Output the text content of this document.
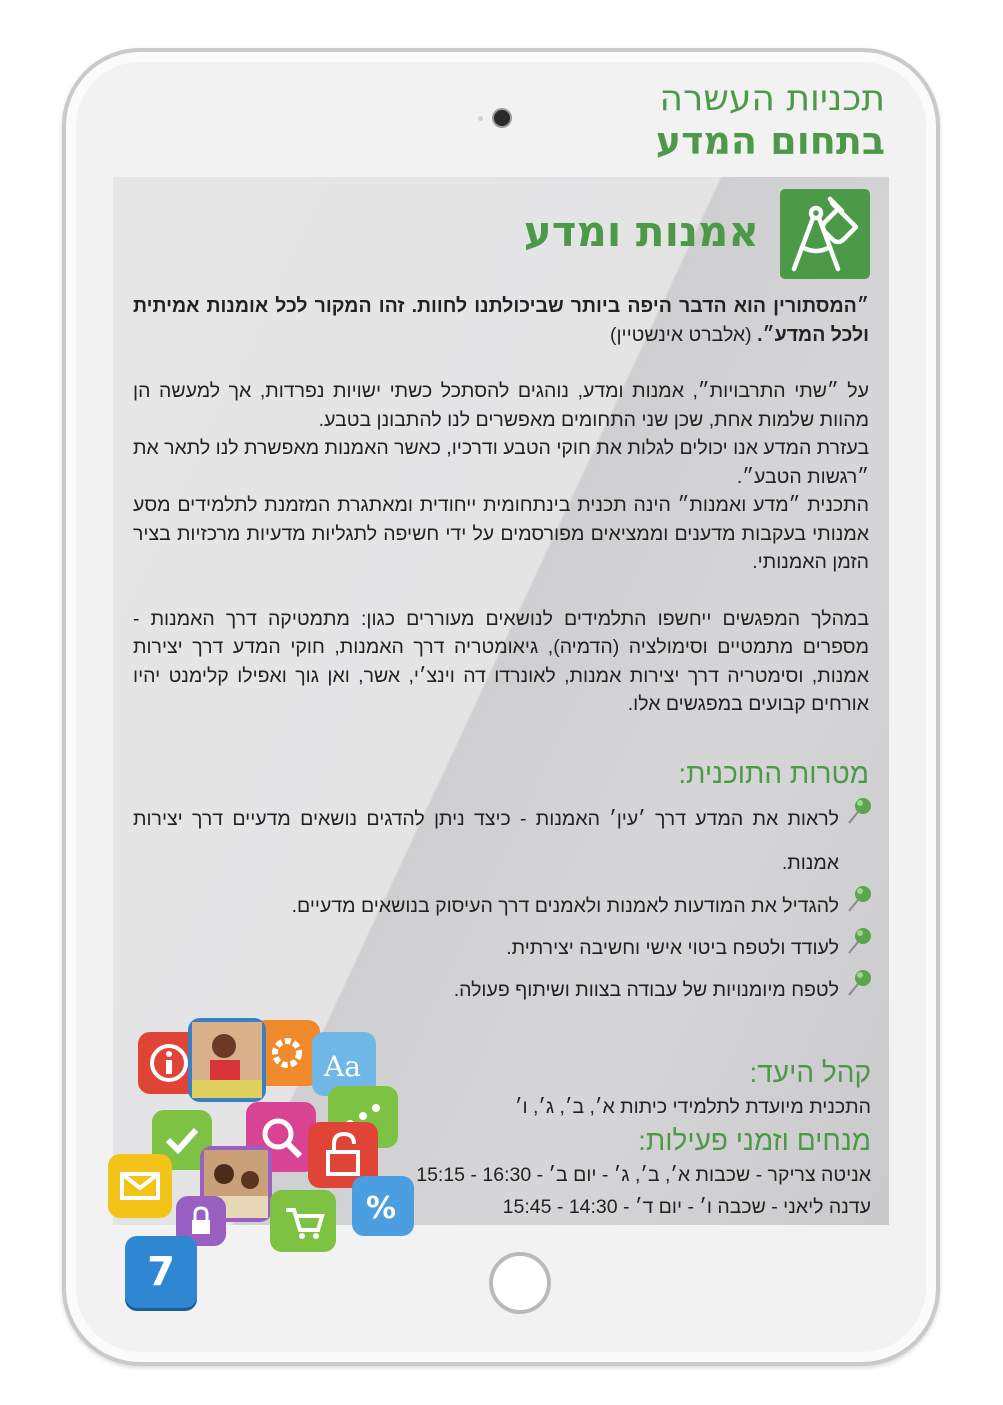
תכניות העשרה
בתחום המדע
אמנות ומדע

״המסתורין הוא הדבר היפה ביותר שביכולתנו לחוות. זהו המקור לכל אומנות אמיתית ולכל המדע״. (אלברט אינשטיין)

על ״שתי התרבויות״, אמנות ומדע, נוהגים להסתכל כשתי ישויות נפרדות, אך למעשה הן מהוות שלמות אחת, שכן שני התחומים מאפשרים לנו להתבונן בטבע.

בעזרת המדע אנו יכולים לגלות את חוקי הטבע ודרכיו, כאשר האמנות מאפשרת לנו לתאר את ״רגשות הטבע״.

התכנית ״מדע ואמנות״ הינה תכנית בינתחומית ייחודית ומאתגרת המזמנת לתלמידים מסע אמנותי בעקבות מדענים וממציאים מפורסמים על ידי חשיפה לתגליות מדעיות מרכזיות בציר הזמן האמנותי.

במהלך המפגשים ייחשפו התלמידים לנושאים מעוררים כגון: מתמטיקה דרך האמנות - מספרים מתמטיים וסימולציה (הדמיה), גיאומטריה דרך האמנות, חוקי המדע דרך יצירות אמנות, וסימטריה דרך יצירות אמנות, לאונרדו דה וינצ׳י, אשר, ואן גוך ואפילו קלימנט יהיו אורחים קבועים במפגשים אלו.

מטרות התוכנית:

לראות את המדע דרך ׳עין׳ האמנות - כיצד ניתן להדגים נושאים מדעיים דרך יצירות אמנות.

להגדיל את המודעות לאמנות ולאמנים דרך העיסוק בנושאים מדעיים.

לעודד ולטפח ביטוי אישי וחשיבה יצירתית.

לטפח מיומנויות של עבודה בצוות ושיתוף פעולה.

קהל היעד:
התכנית מיועדת לתלמידי כיתות א׳, ב׳, ג׳, ו׳
מנחים וזמני פעילות:
אניטה צריקר - שכבות א׳, ב׳, ג׳ - יום ב׳ - 16:30 - 15:15
עדנה ליאני - שכבה ו׳ - יום ד׳ - 14:30 - 15:45
Aa
%
7
